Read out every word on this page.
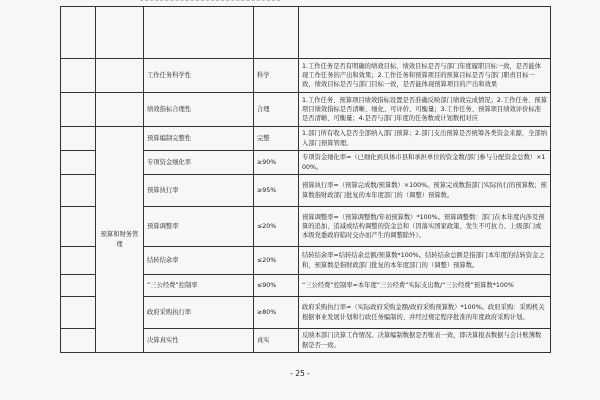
		工作任务科学性	科学	1.工作任务是否有明确的绩效目标，绩效目标是否与部门年度履职目标一致，是否能体现工作任务的产出和效果；2.工作任务和预算项目的预算目标是否与部门职责目标一致，绩效目标是否与部门目标一致，是否能体现预算项目的产出和效果
		绩效指标合理性	合理	1.工作任务、预算项目绩效指标设置是否准确反映部门绩效完成情况；2.工作任务、预算项目绩效指标是否清晰、细化、可评价、可衡量；3.工作任务、预算项目绩效评价标准是否清晰、可衡量；4.是否与部门年度的任务数或计划数相对应
	预算和财务管理	预算编制完整性	完整	1.部门所有收入是否全部纳入部门预算；2.部门支出预算是否统筹各类资金来源，全部纳入部门预算管理。
		专项资金细化率	≥90%	专项资金细化率=（已细化到具体市县和承担单位的资金数/部门参与分配资金总数）×100%。
		预算执行率	≥95%	预算执行率=（预算完成数/预算数）×100%。预算完成数指部门实际执行的预算数；预算数指财政部门批复的本年度部门的（调整）预算数。
		预算调整率	≤20%	预算调整率=（预算调整数/年初预算数）*100%。预算调整数：部门在本年度内涉及预算的追加、追减或结构调整的资金总和（因落实国家政策、发生不可抗力、上级部门或本级党委政府临时交办而产生的调整除外）。
		结转结余率	≤20%	结转结余率=结转结余总额/预算数*100%。结转结余总额是指部门本年度的结转资金之和，预算数是指财政部门批复的本年度部门的（调整）预算数。
		“三公经费”控制率	≤90%	“三公经费”控制率=本年度“三公经费”实际支出数/“三公经费”预算数*100%
		政府采购执行率	≥80%	政府采购执行率=（实际政府采购金额/政府采购预算数）*100%。政府采购：采购机关根据事业发展计划和行政任务编制的、并经过规定程序批准的年度政府采购计划。
		决算真实性	真实	反映本部门决算工作情况。决算编制数据是否账表一致，即决算报表数据与会计账簿数据是否一致。
- 25 -
